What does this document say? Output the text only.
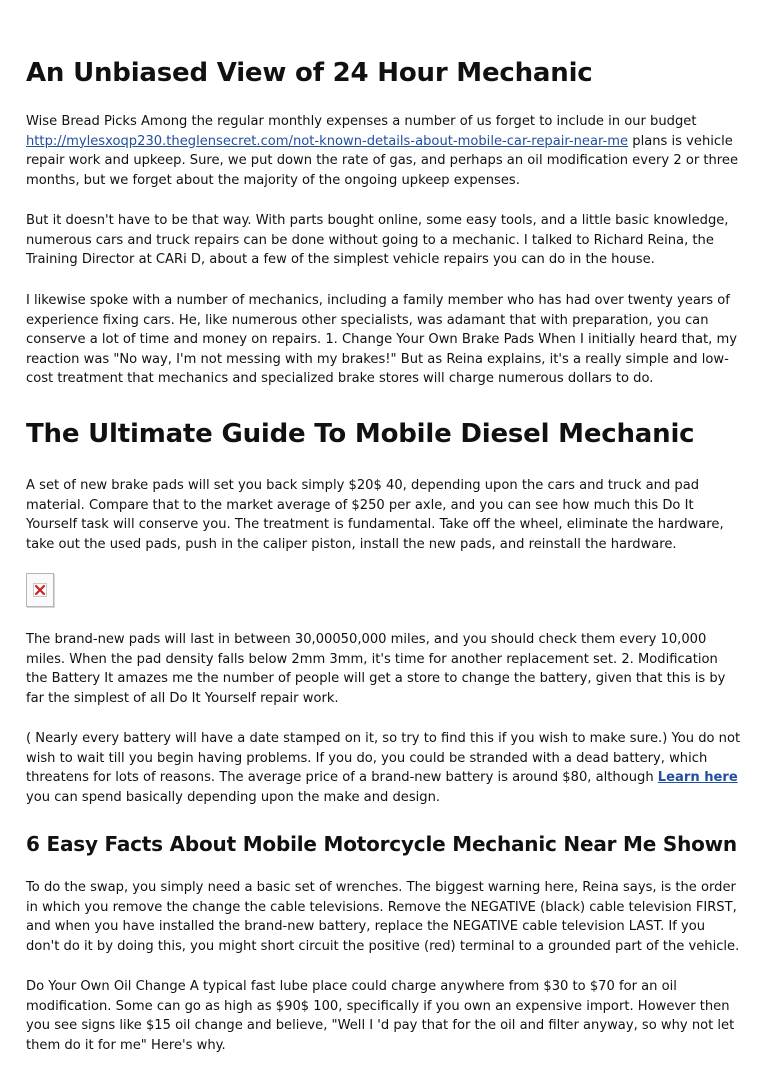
An Unbiased View of 24 Hour Mechanic

Wise Bread Picks Among the regular monthly expenses a number of us forget to include in our budget http://mylesxoqp230.theglensecret.com/not-known-details-about-mobile-car-repair-near-me plans is vehicle repair work and upkeep. Sure, we put down the rate of gas, and perhaps an oil modification every 2 or three months, but we forget about the majority of the ongoing upkeep expenses.

But it doesn't have to be that way. With parts bought online, some easy tools, and a little basic knowledge, numerous cars and truck repairs can be done without going to a mechanic. I talked to Richard Reina, the Training Director at CARi D, about a few of the simplest vehicle repairs you can do in the house.

I likewise spoke with a number of mechanics, including a family member who has had over twenty years of experience fixing cars. He, like numerous other specialists, was adamant that with preparation, you can conserve a lot of time and money on repairs. 1. Change Your Own Brake Pads When I initially heard that, my reaction was "No way, I'm not messing with my brakes!" But as Reina explains, it's a really simple and low-cost treatment that mechanics and specialized brake stores will charge numerous dollars to do.

The Ultimate Guide To Mobile Diesel Mechanic

A set of new brake pads will set you back simply $20$ 40, depending upon the cars and truck and pad material. Compare that to the market average of $250 per axle, and you can see how much this Do It Yourself task will conserve you. The treatment is fundamental. Take off the wheel, eliminate the hardware, take out the used pads, push in the caliper piston, install the new pads, and reinstall the hardware.

The brand-new pads will last in between 30,00050,000 miles, and you should check them every 10,000 miles. When the pad density falls below 2mm 3mm, it's time for another replacement set. 2. Modification the Battery It amazes me the number of people will get a store to change the battery, given that this is by far the simplest of all Do It Yourself repair work.

( Nearly every battery will have a date stamped on it, so try to find this if you wish to make sure.) You do not wish to wait till you begin having problems. If you do, you could be stranded with a dead battery, which threatens for lots of reasons. The average price of a brand-new battery is around $80, although Learn here you can spend basically depending upon the make and design.

6 Easy Facts About Mobile Motorcycle Mechanic Near Me Shown

To do the swap, you simply need a basic set of wrenches. The biggest warning here, Reina says, is the order in which you remove the change the cable televisions. Remove the NEGATIVE (black) cable television FIRST, and when you have installed the brand-new battery, replace the NEGATIVE cable television LAST. If you don't do it by doing this, you might short circuit the positive (red) terminal to a grounded part of the vehicle.

Do Your Own Oil Change A typical fast lube place could charge anywhere from $30 to $70 for an oil modification. Some can go as high as $90$ 100, specifically if you own an expensive import. However then you see signs like $15 oil change and believe, "Well I 'd pay that for the oil and filter anyway, so why not let them do it for me" Here's why.
